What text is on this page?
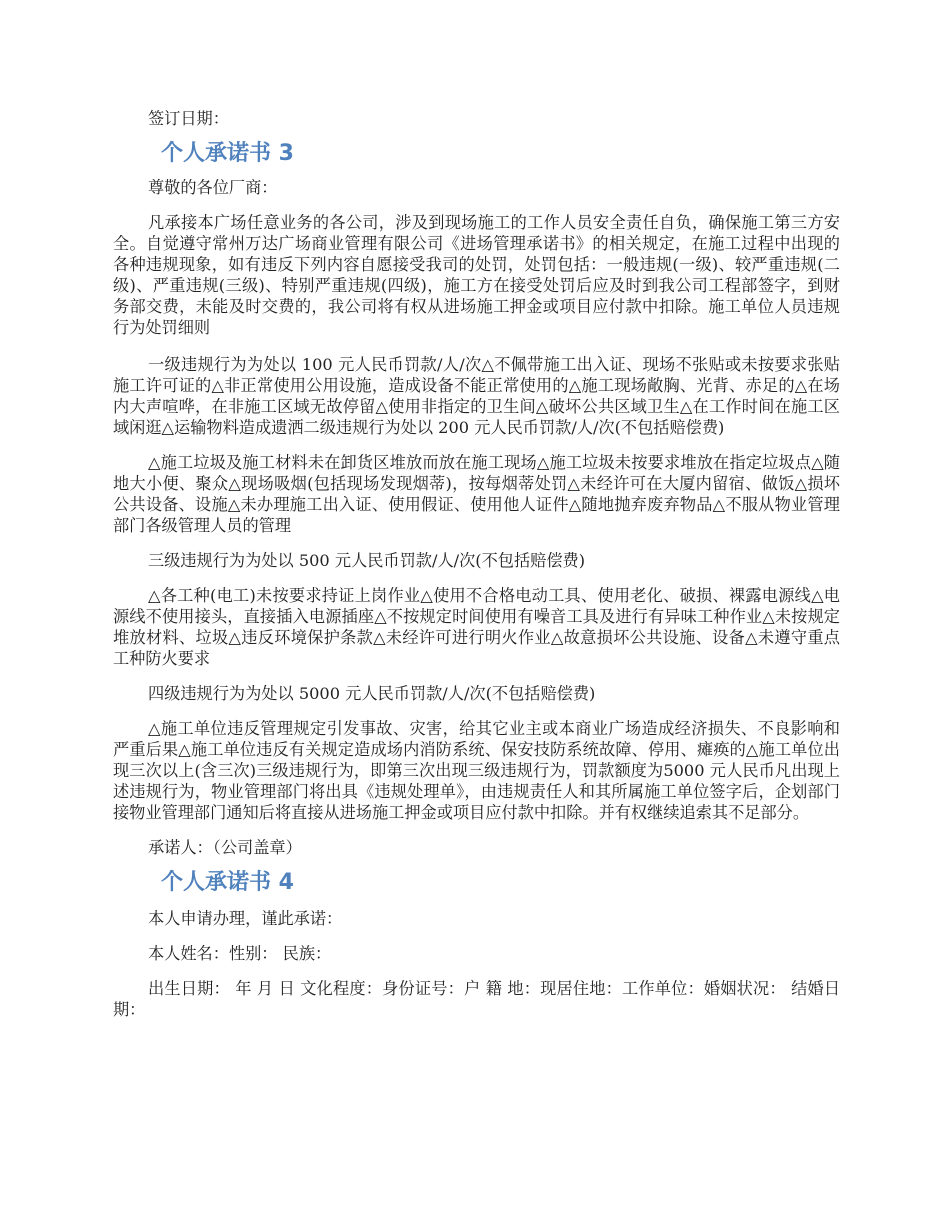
签订日期：

个人承诺书 3

尊敬的各位厂商：

凡承接本广场任意业务的各公司，涉及到现场施工的工作人员安全责任自负，确保施工第三方安全。自觉遵守常州万达广场商业管理有限公司《进场管理承诺书》的相关规定，在施工过程中出现的各种违规现象，如有违反下列内容自愿接受我司的处罚，处罚包括：一般违规(一级)、较严重违规(二级)、严重违规(三级)、特别严重违规(四级)，施工方在接受处罚后应及时到我公司工程部签字，到财务部交费，未能及时交费的，我公司将有权从进场施工押金或项目应付款中扣除。施工单位人员违规行为处罚细则

一级违规行为为处以 100 元人民币罚款/人/次△不佩带施工出入证、现场不张贴或未按要求张贴施工许可证的△非正常使用公用设施，造成设备不能正常使用的△施工现场敞胸、光背、赤足的△在场内大声喧哗，在非施工区域无故停留△使用非指定的卫生间△破坏公共区域卫生△在工作时间在施工区域闲逛△运输物料造成遗洒二级违规行为处以 200 元人民币罚款/人/次(不包括赔偿费)

△施工垃圾及施工材料未在卸货区堆放而放在施工现场△施工垃圾未按要求堆放在指定垃圾点△随地大小便、聚众△现场吸烟(包括现场发现烟蒂)，按每烟蒂处罚△未经许可在大厦内留宿、做饭△损坏公共设备、设施△未办理施工出入证、使用假证、使用他人证件△随地抛弃废弃物品△不服从物业管理部门各级管理人员的管理

三级违规行为为处以 500 元人民币罚款/人/次(不包括赔偿费)

△各工种(电工)未按要求持证上岗作业△使用不合格电动工具、使用老化、破损、裸露电源线△电源线不使用接头，直接插入电源插座△不按规定时间使用有噪音工具及进行有异味工种作业△未按规定堆放材料、垃圾△违反环境保护条款△未经许可进行明火作业△故意损坏公共设施、设备△未遵守重点工种防火要求

四级违规行为为处以 5000 元人民币罚款/人/次(不包括赔偿费)

△施工单位违反管理规定引发事故、灾害，给其它业主或本商业广场造成经济损失、不良影响和严重后果△施工单位违反有关规定造成场内消防系统、保安技防系统故障、停用、瘫痪的△施工单位出现三次以上(含三次)三级违规行为，即第三次出现三级违规行为，罚款额度为5000 元人民币凡出现上述违规行为，物业管理部门将出具《违规处理单》，由违规责任人和其所属施工单位签字后，企划部门接物业管理部门通知后将直接从进场施工押金或项目应付款中扣除。并有权继续追索其不足部分。

承诺人：（公司盖章）

个人承诺书 4

本人申请办理，谨此承诺：

本人姓名：性别： 民族：

出生日期： 年 月 日 文化程度：身份证号：户 籍 地：现居住地：工作单位：婚姻状况： 结婚日期：
